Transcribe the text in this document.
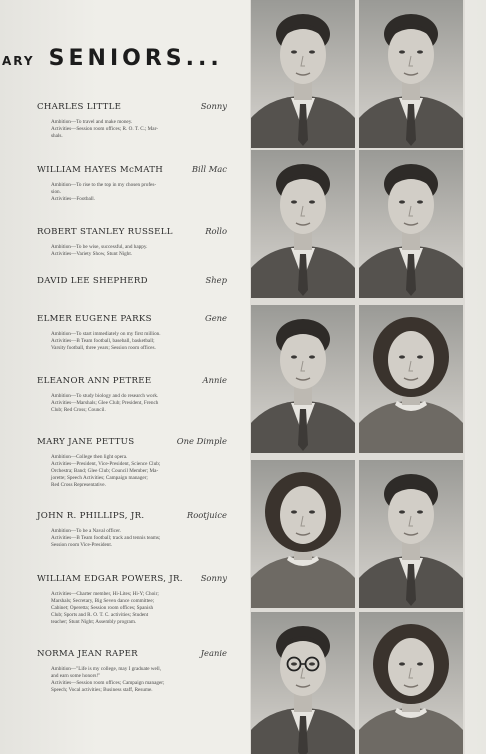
ARY SENIORS...
CHARLES LITTLE	Sonny
Ambition—To travel and make money.
Activities—Session room offices; R. O. T. C.; Mar-
shals.
WILLIAM HAYES McMATH	Bill Mac
Ambition—To rise to the top in my chosen profes-
sion.
Activities—Football.
ROBERT STANLEY RUSSELL	Rollo
Ambition—To be wise, successful, and happy.
Activities—Variety Show, Stunt Night.
DAVID LEE SHEPHERD	Shep
ELMER EUGENE PARKS	Gene
Ambition—To start immediately on my first million.
Activities—B Team football, baseball, basketball;
Varsity football, three years; Session room offices.
ELEANOR ANN PETREE	Annie
Ambition—To study biology and do research work.
Activities—Marshals; Glee Club; President, French
Club; Red Cross; Council.
MARY JANE PETTUS	One Dimple
Ambition—College then light opera.
Activities—President, Vice-President, Science Club;
Orchestra; Band; Glee Club; Council Member; Ma-
jorette; Speech Activities; Campaign manager;
Red Cross Representative.
JOHN R. PHILLIPS, JR.	Rootjuice
Ambition—To be a Naval officer.
Activities—B Team football; track and tennis teams;
Session room Vice-President.
WILLIAM EDGAR POWERS, JR. Sonny
Activities—Charter member, Hi-Lites; Hi-Y; Choir;
Marshals; Secretary, Big Seven dance committee;
Cabinet; Operetta; Session room offices; Spanish
Club; Sports and R. O. T. C. activities; Student
teacher; Stunt Night; Assembly program.
NORMA JEAN RAPER	Jeanie
Ambition—"Life is my college, may I graduate well,
and earn some honors!"
Activities—Session room offices; Campaign manager;
Speech; Vocal activities; Business staff, Resume.
